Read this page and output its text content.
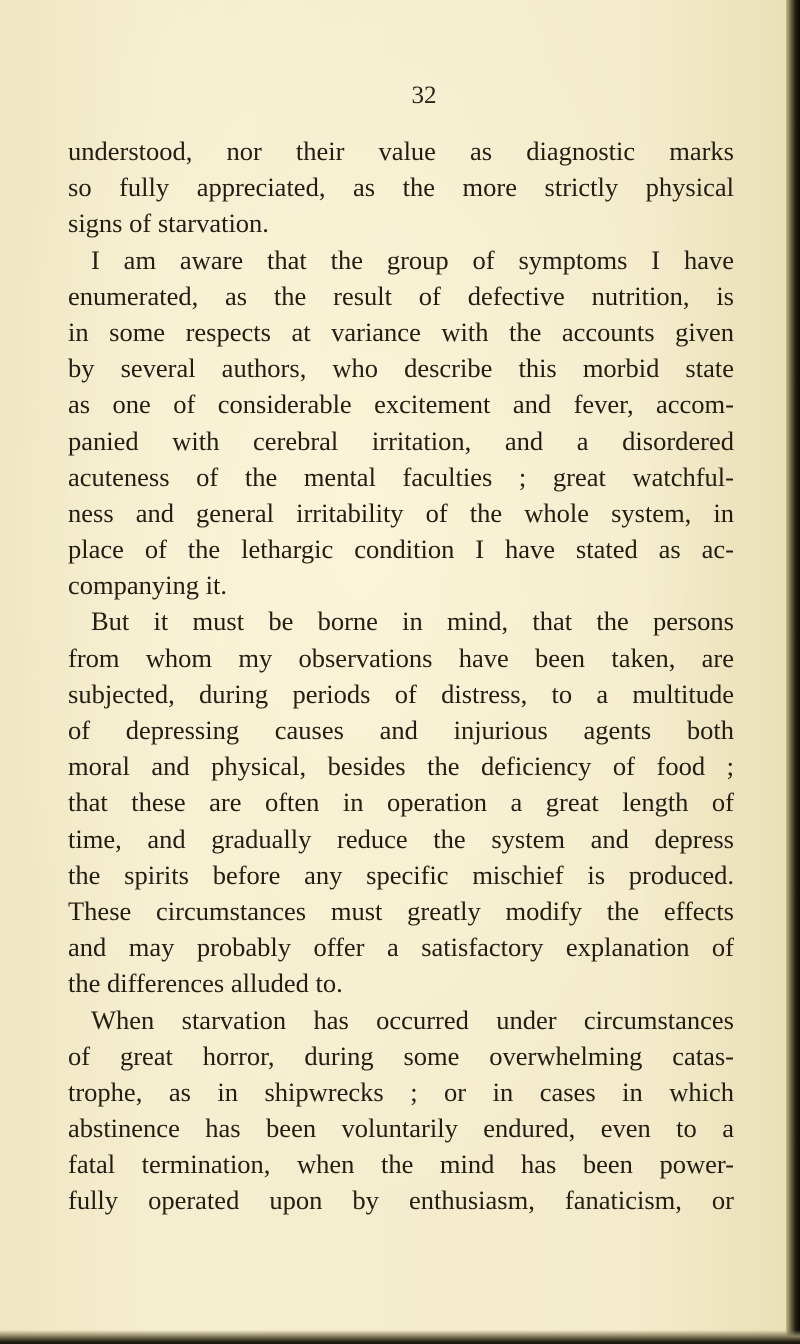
32
understood, nor their value as diagnostic marks
so fully appreciated, as the more strictly physical
signs of starvation.
I am aware that the group of symptoms I have
enumerated, as the result of defective nutrition, is
in some respects at variance with the accounts given
by several authors, who describe this morbid state
as one of considerable excitement and fever, accom-
panied with cerebral irritation, and a disordered
acuteness of the mental faculties ; great watchful-
ness and general irritability of the whole system, in
place of the lethargic condition I have stated as ac-
companying it.
But it must be borne in mind, that the persons
from whom my observations have been taken, are
subjected, during periods of distress, to a multitude
of depressing causes and injurious agents both
moral and physical, besides the deficiency of food ;
that these are often in operation a great length of
time, and gradually reduce the system and depress
the spirits before any specific mischief is produced.
These circumstances must greatly modify the effects
and may probably offer a satisfactory explanation of
the differences alluded to.
When starvation has occurred under circumstances
of great horror, during some overwhelming catas-
trophe, as in shipwrecks ; or in cases in which
abstinence has been voluntarily endured, even to a
fatal termination, when the mind has been power-
fully operated upon by enthusiasm, fanaticism, or
